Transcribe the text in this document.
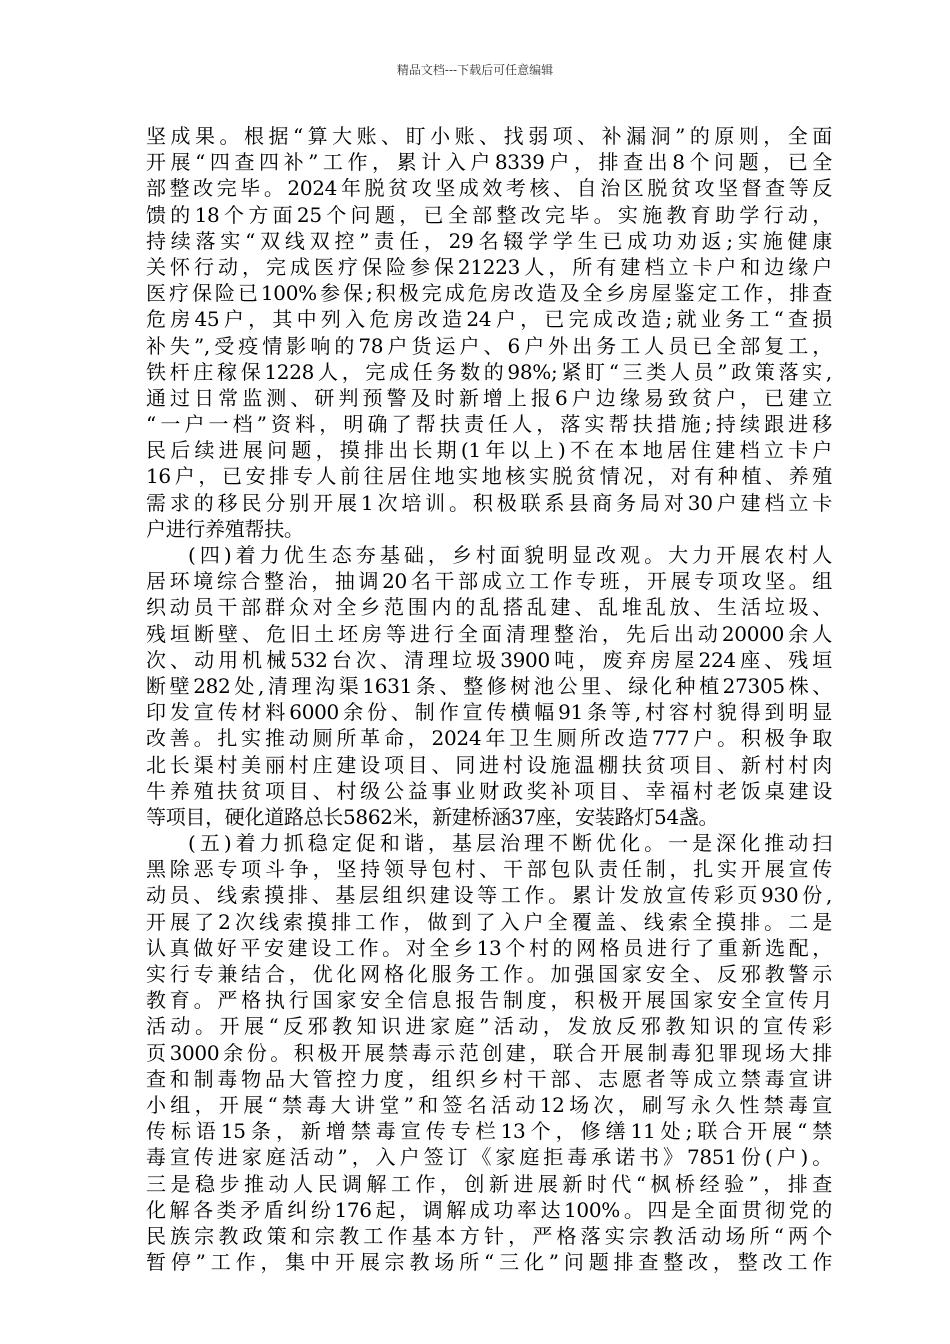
精品文档---下载后可任意编辑
坚成果。根据“算大账、盯小账、找弱项、补漏洞”的原则，全面
开展“四查四补”工作，累计入户8339户，排查出8个问题，已全
部整改完毕。2024年脱贫攻坚成效考核、自治区脱贫攻坚督查等反
馈的18个方面25个问题，已全部整改完毕。实施教育助学行动，
持续落实“双线双控”责任，29名辍学学生已成功劝返;实施健康
关怀行动，完成医疗保险参保21223人，所有建档立卡户和边缘户
医疗保险已100%参保;积极完成危房改造及全乡房屋鉴定工作，排查
危房45户，其中列入危房改造24户，已完成改造;就业务工“查损
补失”,受疫情影响的78户货运户、6户外出务工人员已全部复工，
铁杆庄稼保1228人，完成任务数的98%;紧盯“三类人员”政策落实,
通过日常监测、研判预警及时新增上报6户边缘易致贫户，已建立
“一户一档”资料，明确了帮扶责任人，落实帮扶措施;持续跟进移
民后续进展问题，摸排出长期(1年以上)不在本地居住建档立卡户
16户，已安排专人前往居住地实地核实脱贫情况，对有种植、养殖
需求的移民分别开展1次培训。积极联系县商务局对30户建档立卡
户进行养殖帮扶。
(四)着力优生态夯基础，乡村面貌明显改观。大力开展农村人
居环境综合整治，抽调20名干部成立工作专班，开展专项攻坚。组
织动员干部群众对全乡范围内的乱搭乱建、乱堆乱放、生活垃圾、
残垣断壁、危旧土坯房等进行全面清理整治，先后出动20000余人
次、动用机械532台次、清理垃圾3900吨，废弃房屋224座、残垣
断壁282处,清理沟渠1631条、整修树池公里、绿化种植27305株、
印发宣传材料6000余份、制作宣传横幅91条等,村容村貌得到明显
改善。扎实推动厕所革命，2024年卫生厕所改造777户。积极争取
北长渠村美丽村庄建设项目、同进村设施温棚扶贫项目、新村村肉
牛养殖扶贫项目、村级公益事业财政奖补项目、幸福村老饭桌建设
等项目，硬化道路总长5862米，新建桥涵37座，安装路灯54盏。
(五)着力抓稳定促和谐，基层治理不断优化。一是深化推动扫
黑除恶专项斗争，坚持领导包村、干部包队责任制，扎实开展宣传
动员、线索摸排、基层组织建设等工作。累计发放宣传彩页930份,
开展了2次线索摸排工作，做到了入户全覆盖、线索全摸排。二是
认真做好平安建设工作。对全乡13个村的网格员进行了重新选配，
实行专兼结合，优化网格化服务工作。加强国家安全、反邪教警示
教育。严格执行国家安全信息报告制度，积极开展国家安全宣传月
活动。开展“反邪教知识进家庭”活动，发放反邪教知识的宣传彩
页3000余份。积极开展禁毒示范创建，联合开展制毒犯罪现场大排
查和制毒物品大管控力度，组织乡村干部、志愿者等成立禁毒宣讲
小组，开展“禁毒大讲堂”和签名活动12场次，刷写永久性禁毒宣
传标语15条，新增禁毒宣传专栏13个，修缮11处;联合开展“禁
毒宣传进家庭活动”，入户签订《家庭拒毒承诺书》7851份(户)。
三是稳步推动人民调解工作，创新进展新时代“枫桥经验”，排查
化解各类矛盾纠纷176起，调解成功率达100%。四是全面贯彻党的
民族宗教政策和宗教工作基本方针，严格落实宗教活动场所“两个
暂停”工作，集中开展宗教场所“三化”问题排查整改，整改工作
